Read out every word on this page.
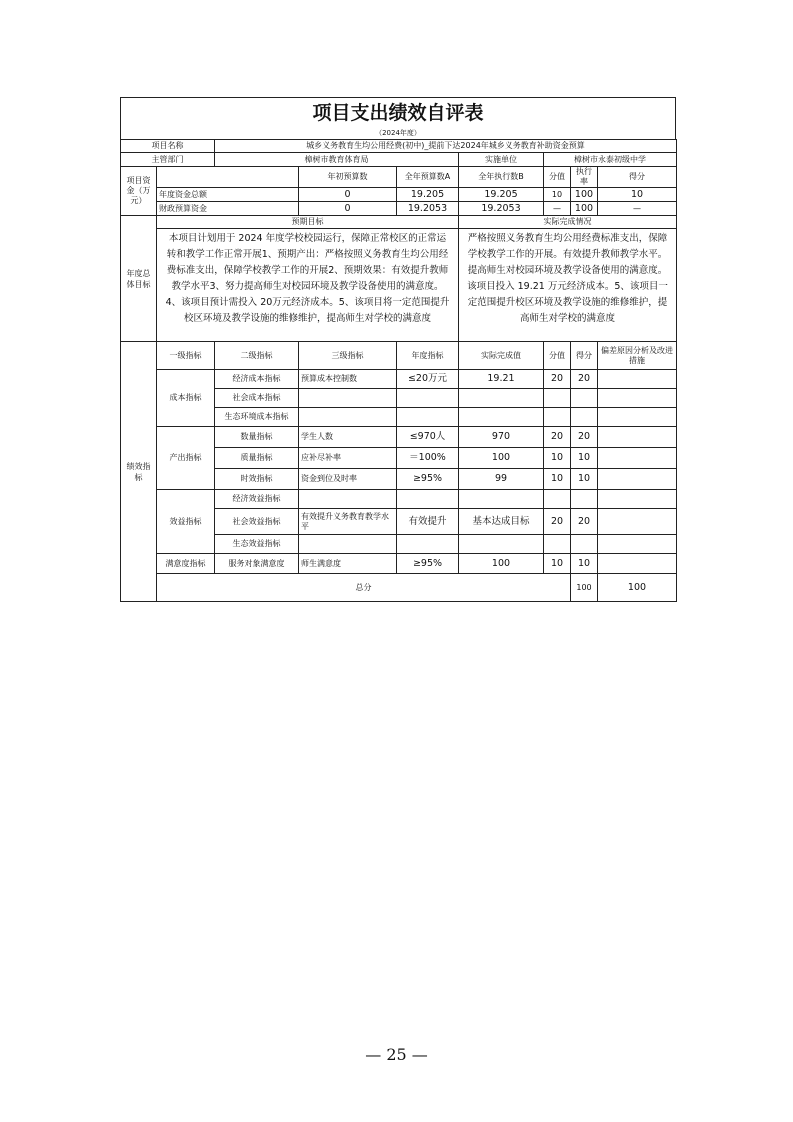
项目支出绩效自评表
（2024年度）
项目名称		城乡义务教育生均公用经费(初中)_提前下达2024年城乡义务教育补助资金预算							
主管部门		樟树市教育体育局			实施单位	樟树市永泰初级中学			
项目资金（万元）			年初预算数	全年预算数A	全年执行数B	分值	执行率	得分	
	年度资金总额		0	19.205	19.205	10	100	10	
	财政预算资金		0	19.2053	19.2053	—	100	—	
年度总体目标	预期目标				实际完成情况				
	本项目计划用于 2024 年度学校校园运行，保障正常校区的正常运转和教学工作正常开展1、预期产出：严格按照义务教育生均公用经费标准支出，保障学校教学工作的开展2、预期效果：有效提升教师教学水平3、努力提高师生对校园环境及教学设备使用的满意度。4、该项目预计需投入 20万元经济成本。5、该项目将一定范围提升校区环境及教学设施的维修维护，提高师生对学校的满意度				严格按照义务教育生均公用经费标准支出，保障学校教学工作的开展。有效提升教师教学水平。提高师生对校园环境及教学设备使用的满意度。该项目投入 19.21 万元经济成本。5、该项目一定范围提升校区环境及教学设施的维修维护，提高师生对学校的满意度				
绩效指标	一级指标	二级指标	三级指标	年度指标	实际完成值	分值	得分	偏差原因分析及改进措施	
	成本指标	经济成本指标	预算成本控制数	≤20万元	19.21	20	20		
		社会成本指标							
		生态环境成本指标							
	产出指标	数量指标	学生人数	≤970人	970	20	20		
		质量指标	应补尽补率	＝100%	100	10	10		
		时效指标	资金到位及时率	≥95%	99	10	10		
	效益指标	经济效益指标							
		社会效益指标	有效提升义务教育教学水平	有效提升	基本达成目标	20	20		
		生态效益指标							
	满意度指标	服务对象满意度	师生满意度	≥95%	100	10	10		
	总分						100	100	
— 25 —
